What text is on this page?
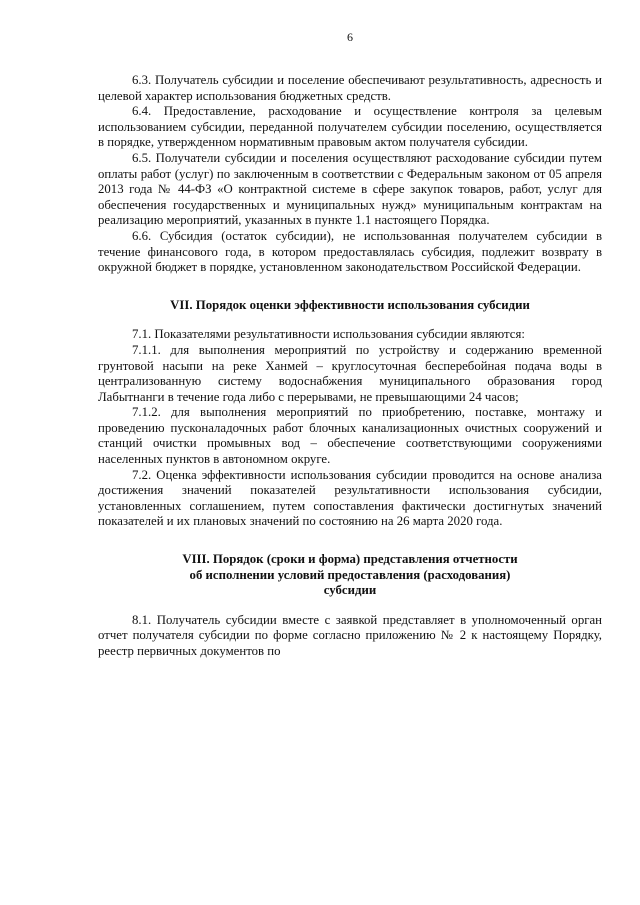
6

6.3. Получатель субсидии и поселение обеспечивают результативность, адресность и целевой характер использования бюджетных средств.

6.4. Предоставление, расходование и осуществление контроля за целевым использованием субсидии, переданной получателем субсидии поселению, осуществляется в порядке, утвержденном нормативным правовым актом получателя субсидии.

6.5. Получатели субсидии и поселения осуществляют расходование субсидии путем оплаты работ (услуг) по заключенным в соответствии с Федеральным законом от 05 апреля 2013 года № 44-ФЗ «О контрактной системе в сфере закупок товаров, работ, услуг для обеспечения государственных и муниципальных нужд» муниципальным контрактам на реализацию мероприятий, указанных в пункте 1.1 настоящего Порядка.

6.6. Субсидия (остаток субсидии), не использованная получателем субсидии в течение финансового года, в котором предоставлялась субсидия, подлежит возврату в окружной бюджет в порядке, установленном законодательством Российской Федерации.

VII. Порядок оценки эффективности использования субсидии

7.1. Показателями результативности использования субсидии являются:

7.1.1. для выполнения мероприятий по устройству и содержанию временной грунтовой насыпи на реке Ханмей – круглосуточная бесперебойная подача воды в централизованную систему водоснабжения муниципального образования город Лабытнанги в течение года либо с перерывами, не превышающими 24 часов;

7.1.2. для выполнения мероприятий по приобретению, поставке, монтажу и проведению пусконаладочных работ блочных канализационных очистных сооружений и станций очистки промывных вод – обеспечение соответствующими сооружениями населенных пунктов в автономном округе.

7.2. Оценка эффективности использования субсидии проводится на основе анализа достижения значений показателей результативности использования субсидии, установленных соглашением, путем сопоставления фактически достигнутых значений показателей и их плановых значений по состоянию на 26 марта 2020 года.

VIII. Порядок (сроки и форма) представления отчетности
об исполнении условий предоставления (расходования)
субсидии

8.1. Получатель субсидии вместе с заявкой представляет в уполномоченный орган отчет получателя субсидии по форме согласно приложению № 2 к настоящему Порядку, реестр первичных документов по
